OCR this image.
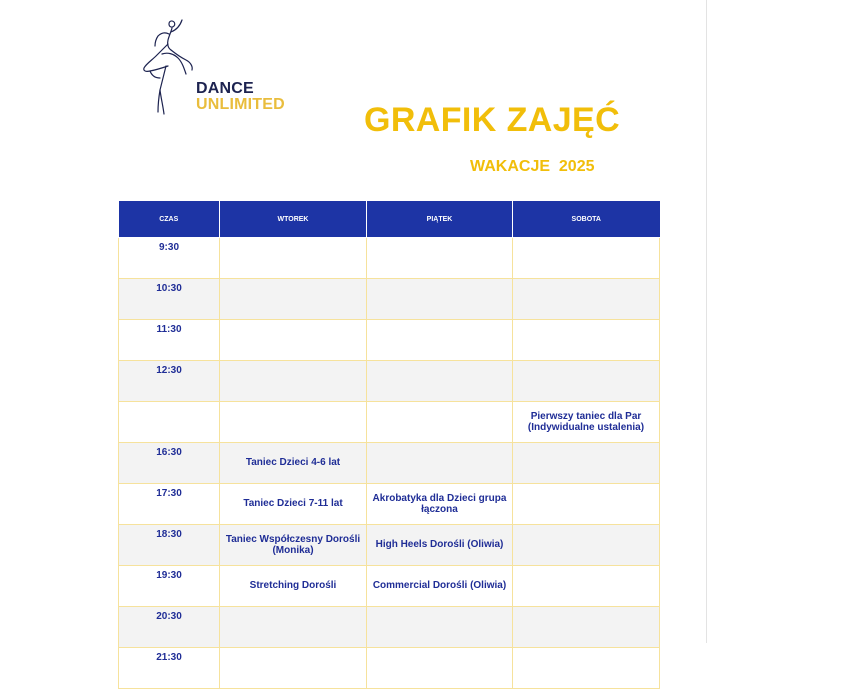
DANCE
UNLIMITED GRAFIK ZAJĘĆ
WAKACJE  2025
CZAS	WTOREK	PIĄTEK	SOBOTA
9:30			
10:30			
11:30			
12:30			
			Pierwszy taniec dla Par (Indywidualne ustalenia)
16:30	Taniec Dzieci 4-6 lat		
17:30	Taniec Dzieci 7-11 lat	Akrobatyka dla Dzieci grupa łączona	
18:30	Taniec Współczesny Dorośli (Monika)	High Heels Dorośli (Oliwia)	
19:30	Stretching Dorośli	Commercial Dorośli (Oliwia)	
20:30			
21:30			
